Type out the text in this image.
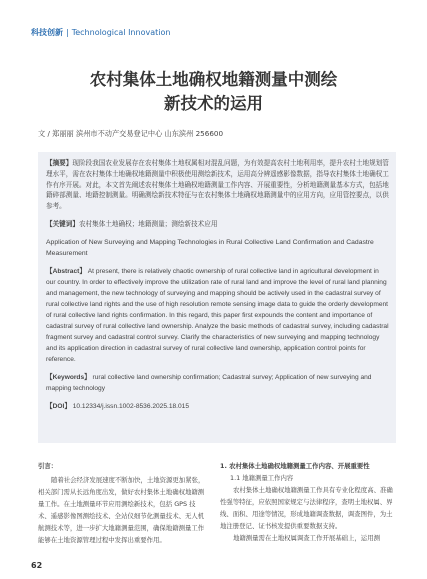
科技创新 | Technological Innovation
农村集体土地确权地籍测量中测绘
新技术的运用
文 / 郑丽丽 滨州市不动产交易登记中心 山东滨州 256600
【摘要】现阶段我国农业发展存在农村集体土地权属相对混乱问题，为有效提高农村土地利用率，提升农村土地规划管理水平，需在农村集体土地确权地籍测量中积极使用测绘新技术，运用高分辨遥感影像数据，指导农村集体土地确权工作有序开展。对此，本文首先阐述农村集体土地确权地籍测量工作内容、开展重要性，分析地籍测量基本方式，包括地籍碎部测量、地籍控制测量。明确测绘新技术特征与在农村集体土地确权地籍测量中的应用方向，应用管控要点，以供参考。
【关键词】农村集体土地确权；地籍测量；测绘新技术应用
Application of New Surveying and Mapping Technologies in Rural Collective Land Confirmation and Cadastre Measurement
【Abstract】 At present, there is relatively chaotic ownership of rural collective land in agricultural development in our country. In order to effectively improve the utilization rate of rural land and improve the level of rural land planning and management, the new technology of surveying and mapping should be actively used in the cadastral survey of rural collective land rights and the use of high resolution remote sensing image data to guide the orderly development of rural collective land rights confirmation. In this regard, this paper first expounds the content and importance of cadastral survey of rural collective land ownership. Analyze the basic methods of cadastral survey, including cadastral fragment survey and cadastral control survey. Clarify the characteristics of new surveying and mapping technology and its application direction in cadastral survey of rural collective land ownership, application control points for reference.
【Keywords】 rural collective land ownership confirmation; Cadastral survey; Application of new surveying and mapping technology
【DOI】 10.12334/j.issn.1002-8536.2025.18.015
引言：
随着社会经济发展速度不断加快，土地资源更加紧张，相关部门需从长远角度出发，做好农村集体土地确权地籍测量工作。在土地测量环节应用测绘新技术，包括 GPS 技术、遥感影像图测绘技术、全站仪细节化测量技术、无人机航测技术等，进一步扩大地籍测量范围，确保地籍测量工作能够在土地资源管理过程中发挥出重要作用。
1. 农村集体土地确权地籍测量工作内容、开展重要性
1.1 地籍测量工作内容
农村集体土地确权地籍测量工作具有专业化程度高、准确性强等特征，应依照国家规定与法律程序，查明土地权属、界线、面积、用途等情况，形成地籍调查数据，调查图件，为土地注册登记、证书核发提供重要数据支持。
地籍测量需在土地权属调查工作开展基础上，运用测
62
